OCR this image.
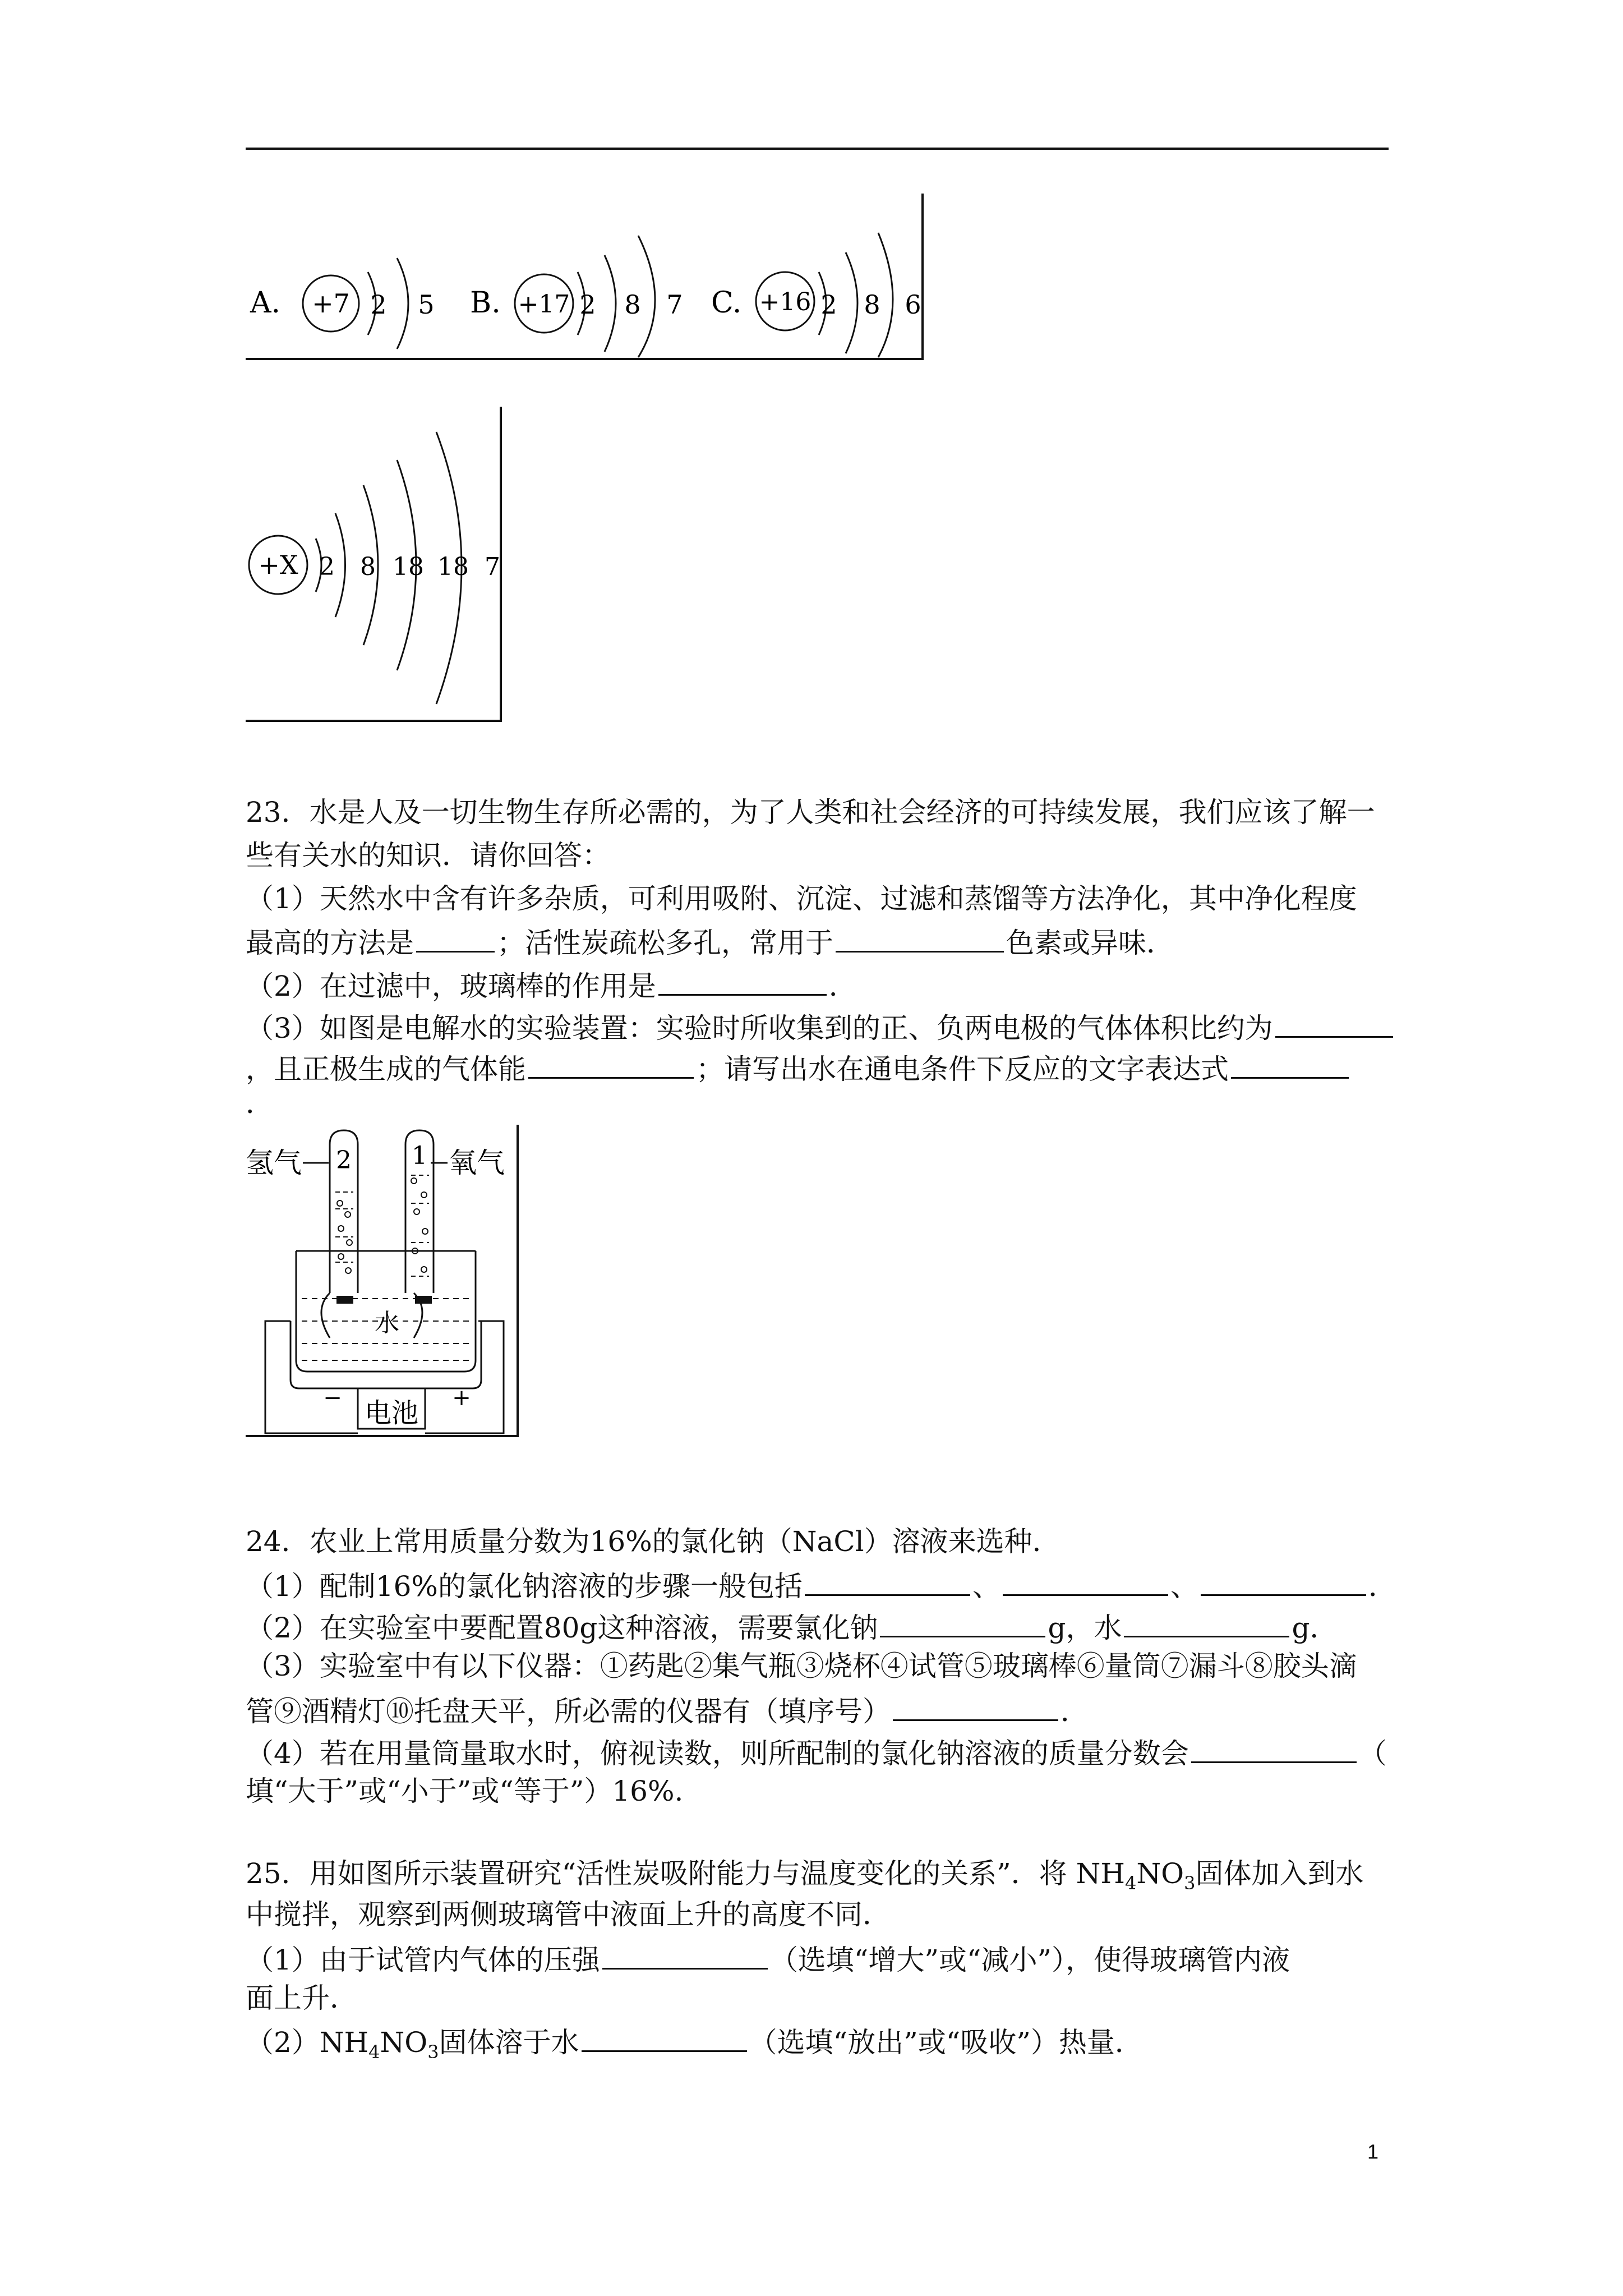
A. +7 2 5 B. +17 2 8 7 C. +16 2 8 6
+X 2 8 18 18 7
23．水是人及一切生物生存所必需的，为了人类和社会经济的可持续发展，我们应该了解一
些有关水的知识．请你回答：
（1）天然水中含有许多杂质，可利用吸附、沉淀、过滤和蒸馏等方法净化，其中净化程度
最高的方法是	；活性炭疏松多孔，常用于	色素或异味．
（2）在过滤中，玻璃棒的作用是	．
（3）如图是电解水的实验装置：实验时所收集到的正、负两电极的气体体积比约为
，且正极生成的气体能	；请写出水在通电条件下反应的文字表达式
．
氢气	氧气
电池
−	+
水
2 1
24．农业上常用质量分数为16%的氯化钠（NaCl）溶液来选种．
（1）配制16%的氯化钠溶液的步骤一般包括	、	、	．
（2）在实验室中要配置80g这种溶液，需要氯化钠	g，水	g．
（3）实验室中有以下仪器：①药匙②集气瓶③烧杯④试管⑤玻璃棒⑥量筒⑦漏斗⑧胶头滴
管⑨酒精灯⑩托盘天平，所必需的仪器有（填序号）	．
（4）若在用量筒量取水时，俯视读数，则所配制的氯化钠溶液的质量分数会	（
填“大于”或“小于”或“等于”）16%.
25．用如图所示装置研究“活性炭吸附能力与温度变化的关系”．将 $NH_4NO_3$固体加入到水
中搅拌，观察到两侧玻璃管中液面上升的高度不同．
（1）由于试管内气体的压强	（选填“增大”或“减小”），使得玻璃管内液
面上升．
$(2)NH_4NO_3$固体溶于水	（选填“放出”或“吸收”）热量．
1
